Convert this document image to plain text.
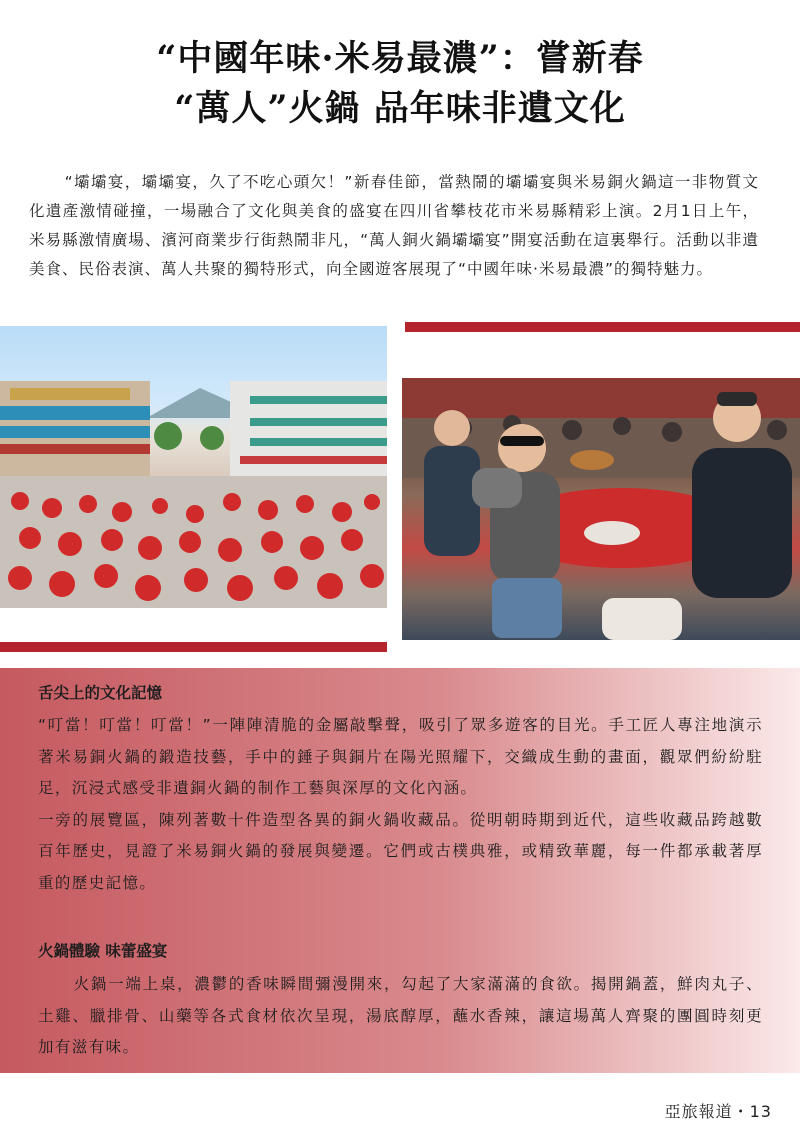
“中國年味·米易最濃”：嘗新春
“萬人”火鍋 品年味非遺文化

“壩壩宴，壩壩宴，久了不吃心頭欠！”新春佳節，當熱鬧的壩壩宴與米易銅火鍋這一非物質文化遺產激情碰撞，一場融合了文化與美食的盛宴在四川省攀枝花市米易縣精彩上演。2月1日上午，米易縣激情廣場、濱河商業步行街熱鬧非凡，“萬人銅火鍋壩壩宴”開宴活動在這裏舉行。活動以非遺美食、民俗表演、萬人共聚的獨特形式，向全國遊客展現了“中國年味·米易最濃”的獨特魅力。

舌尖上的文化記憶

“叮當！叮當！叮當！”一陣陣清脆的金屬敲擊聲，吸引了眾多遊客的目光。手工匠人專注地演示著米易銅火鍋的鍛造技藝，手中的錘子與銅片在陽光照耀下，交織成生動的畫面，觀眾們紛紛駐足，沉浸式感受非遺銅火鍋的制作工藝與深厚的文化內涵。

一旁的展覽區，陳列著數十件造型各異的銅火鍋收藏品。從明朝時期到近代，這些收藏品跨越數百年歷史，見證了米易銅火鍋的發展與變遷。它們或古樸典雅，或精致華麗，每一件都承載著厚重的歷史記憶。

火鍋體驗 味蕾盛宴

火鍋一端上桌，濃鬱的香味瞬間彌漫開來，勾起了大家滿滿的食欲。揭開鍋蓋，鮮肉丸子、土雞、臘排骨、山藥等各式食材依次呈現，湯底醇厚，蘸水香辣，讓這場萬人齊聚的團圓時刻更加有滋有味。

亞旅報道・13
